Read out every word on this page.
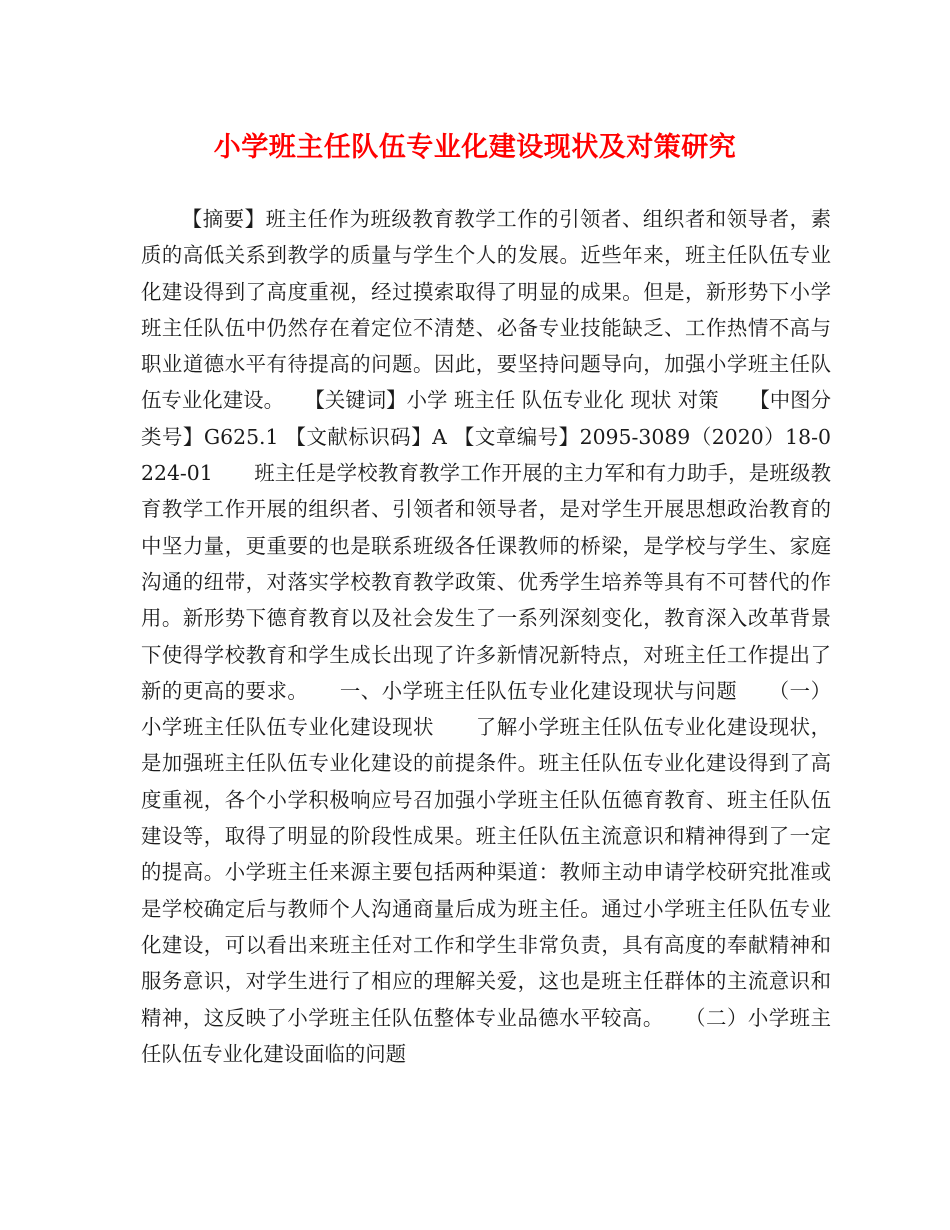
小学班主任队伍专业化建设现状及对策研究

【摘要】班主任作为班级教育教学工作的引领者、组织者和领导者，素质的高低关系到教学的质量与学生个人的发展。近些年来，班主任队伍专业化建设得到了高度重视，经过摸索取得了明显的成果。但是，新形势下小学班主任队伍中仍然存在着定位不清楚、必备专业技能缺乏、工作热情不高与职业道德水平有待提高的问题。因此，要坚持问题导向，加强小学班主任队伍专业化建设。　　【关键词】小学 班主任 队伍专业化 现状 对策　　【中图分类号】G625.1 【文献标识码】A 【文章编号】2095-3089（2020）18-0224-01　　班主任是学校教育教学工作开展的主力军和有力助手，是班级教育教学工作开展的组织者、引领者和领导者，是对学生开展思想政治教育的中坚力量，更重要的也是联系班级各任课教师的桥梁，是学校与学生、家庭沟通的纽带，对落实学校教育教学政策、优秀学生培养等具有不可替代的作用。新形势下德育教育以及社会发生了一系列深刻变化，教育深入改革背景下使得学校教育和学生成长出现了许多新情况新特点，对班主任工作提出了新的更高的要求。　　一、小学班主任队伍专业化建设现状与问题　　（一）小学班主任队伍专业化建设现状　　了解小学班主任队伍专业化建设现状，是加强班主任队伍专业化建设的前提条件。班主任队伍专业化建设得到了高度重视，各个小学积极响应号召加强小学班主任队伍德育教育、班主任队伍建设等，取得了明显的阶段性成果。班主任队伍主流意识和精神得到了一定的提高。小学班主任来源主要包括两种渠道：教师主动申请学校研究批准或是学校确定后与教师个人沟通商量后成为班主任。通过小学班主任队伍专业化建设，可以看出来班主任对工作和学生非常负责，具有高度的奉献精神和服务意识，对学生进行了相应的理解关爱，这也是班主任群体的主流意识和精神，这反映了小学班主任队伍整体专业品德水平较高。　　（二）小学班主任队伍专业化建设面临的问题
